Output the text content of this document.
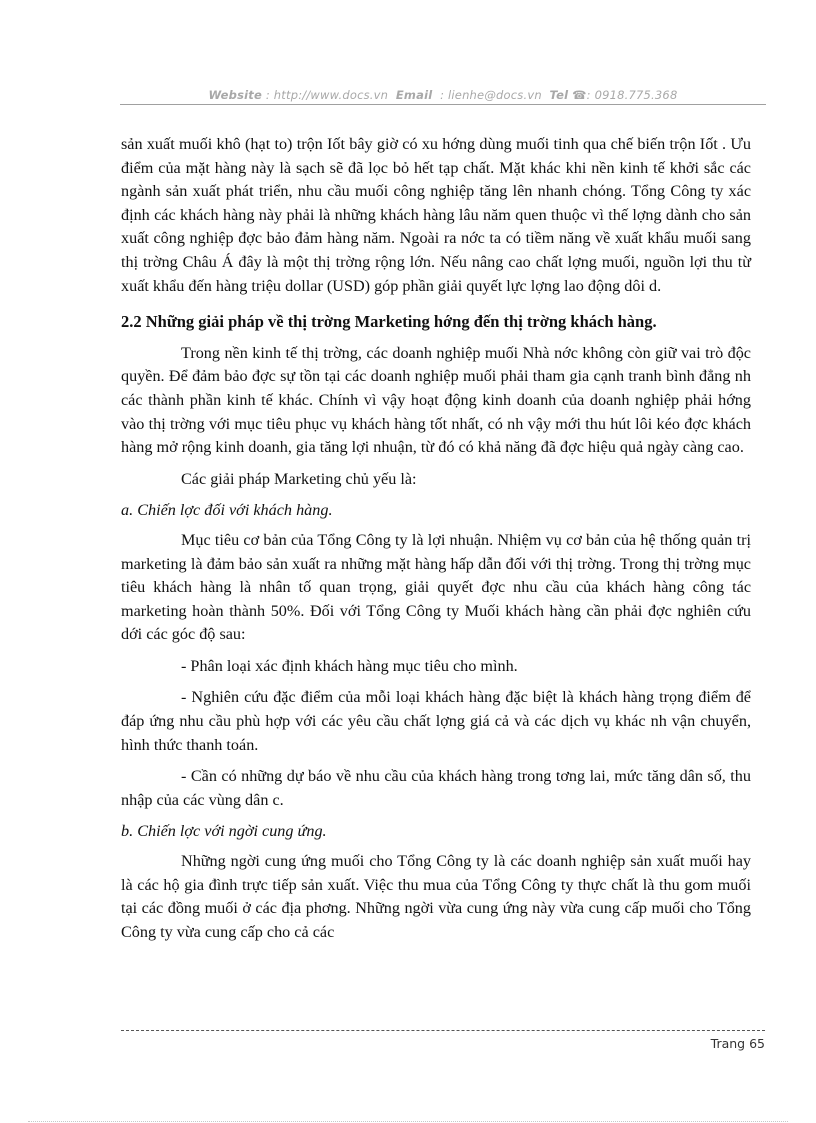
Website : http://www.docs.vn Email : lienhe@docs.vn Tel ☎: 0918.775.368

sản xuất muối khô (hạt to) trộn Iốt bây giờ có xu hớng dùng muối tinh qua chế biến trộn Iốt . Ưu điểm của mặt hàng này là sạch sẽ đã lọc bỏ hết tạp chất. Mặt khác khi nền kinh tế khởi sắc các ngành sản xuất phát triển, nhu cầu muối công nghiệp tăng lên nhanh chóng. Tổng Công ty xác định các khách hàng này phải là những khách hàng lâu năm quen thuộc vì thế lợng dành cho sản xuất công nghiệp đợc bảo đảm hàng năm. Ngoài ra nớc ta có tiềm năng về xuất khẩu muối sang thị trờng Châu Á đây là một thị trờng rộng lớn. Nếu nâng cao chất lợng muối, nguồn lợi thu từ xuất khẩu đến hàng triệu dollar (USD) góp phần giải quyết lực lợng lao động dôi d.

2.2 Những giải pháp về thị trờng Marketing hớng đến thị trờng khách hàng.

Trong nền kinh tế thị trờng, các doanh nghiệp muối Nhà nớc không còn giữ vai trò độc quyền. Để đảm bảo đợc sự tồn tại các doanh nghiệp muối phải tham gia cạnh tranh bình đẳng nh các thành phần kinh tế khác. Chính vì vậy hoạt động kinh doanh của doanh nghiệp phải hớng vào thị trờng với mục tiêu phục vụ khách hàng tốt nhất, có nh vậy mới thu hút lôi kéo đợc khách hàng mở rộng kinh doanh, gia tăng lợi nhuận, từ đó có khả năng đã đợc hiệu quả ngày càng cao.

Các giải pháp Marketing chủ yếu là:

a. Chiến lợc đối với khách hàng.

Mục tiêu cơ bản của Tổng Công ty là lợi nhuận. Nhiệm vụ cơ bản của hệ thống quản trị marketing là đảm bảo sản xuất ra những mặt hàng hấp dẫn đối với thị trờng. Trong thị trờng mục tiêu khách hàng là nhân tố quan trọng, giải quyết đợc nhu cầu của khách hàng công tác marketing hoàn thành 50%. Đối với Tổng Công ty Muối khách hàng cần phải đợc nghiên cứu dới các góc độ sau:

- Phân loại xác định khách hàng mục tiêu cho mình.

- Nghiên cứu đặc điểm của mỗi loại khách hàng đặc biệt là khách hàng trọng điểm để đáp ứng nhu cầu phù hợp với các yêu cầu chất lợng giá cả và các dịch vụ khác nh vận chuyển, hình thức thanh toán.

- Cần có những dự báo về nhu cầu của khách hàng trong tơng lai, mức tăng dân số, thu nhập của các vùng dân c.

b. Chiến lợc với ngời cung ứng.

Những ngời cung ứng muối cho Tổng Công ty là các doanh nghiệp sản xuất muối hay là các hộ gia đình trực tiếp sản xuất. Việc thu mua của Tổng Công ty thực chất là thu gom muối tại các đồng muối ở các địa phơng. Những ngời vừa cung ứng này vừa cung cấp muối cho Tổng Công ty vừa cung cấp cho cả các

Trang 65
